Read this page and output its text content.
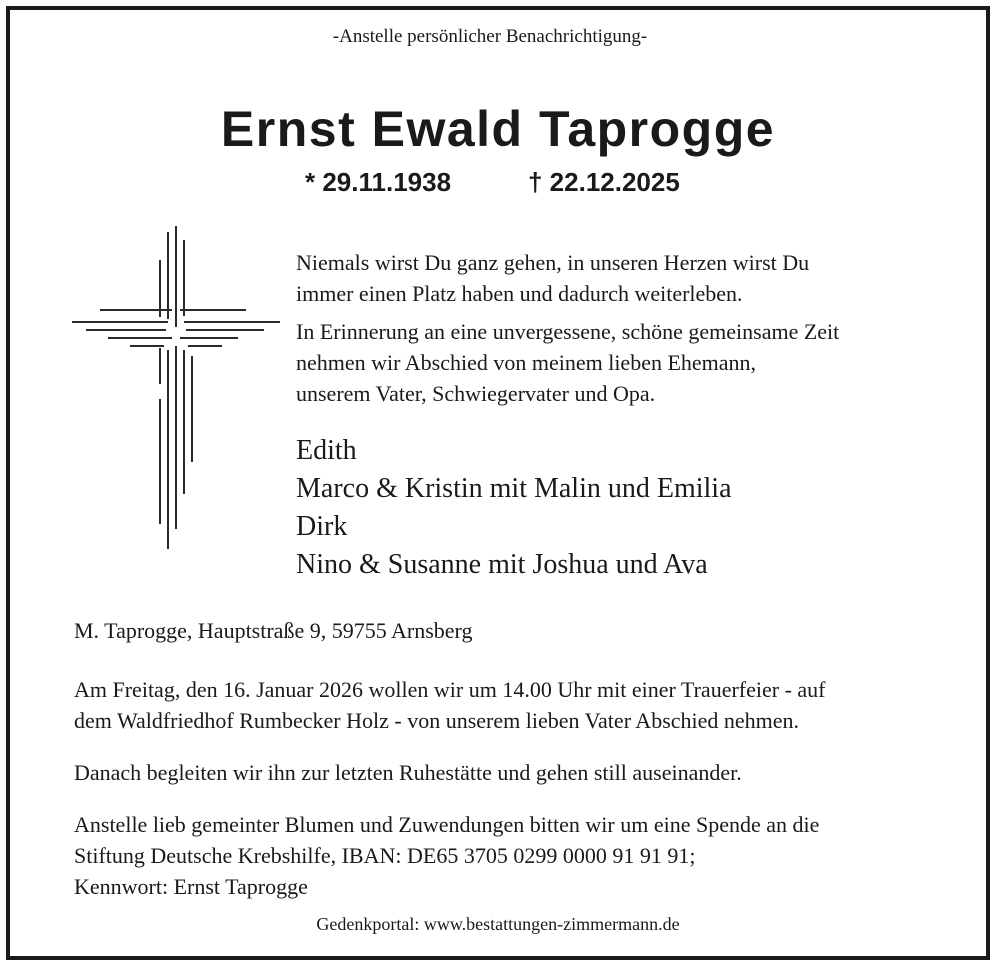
-Anstelle persönlicher Benachrichtigung-
Ernst Ewald Taprogge
* 29.11.1938	† 22.12.2025
Niemals wirst Du ganz gehen, in unseren Herzen wirst Du
immer einen Platz haben und dadurch weiterleben.
In Erinnerung an eine unvergessene, schöne gemeinsame Zeit
nehmen wir Abschied von meinem lieben Ehemann,
unserem Vater, Schwiegervater und Opa.
Edith
Marco & Kristin mit Malin und Emilia
Dirk
Nino & Susanne mit Joshua und Ava
M. Taprogge, Hauptstraße 9, 59755 Arnsberg
Am Freitag, den 16. Januar 2026 wollen wir um 14.00 Uhr mit einer Trauerfeier - auf
dem Waldfriedhof Rumbecker Holz - von unserem lieben Vater Abschied nehmen.
Danach begleiten wir ihn zur letzten Ruhestätte und gehen still auseinander.
Anstelle lieb gemeinter Blumen und Zuwendungen bitten wir um eine Spende an die
Stiftung Deutsche Krebshilfe, IBAN: DE65 3705 0299 0000 91 91 91;
Kennwort: Ernst Taprogge
Gedenkportal: www.bestattungen-zimmermann.de
